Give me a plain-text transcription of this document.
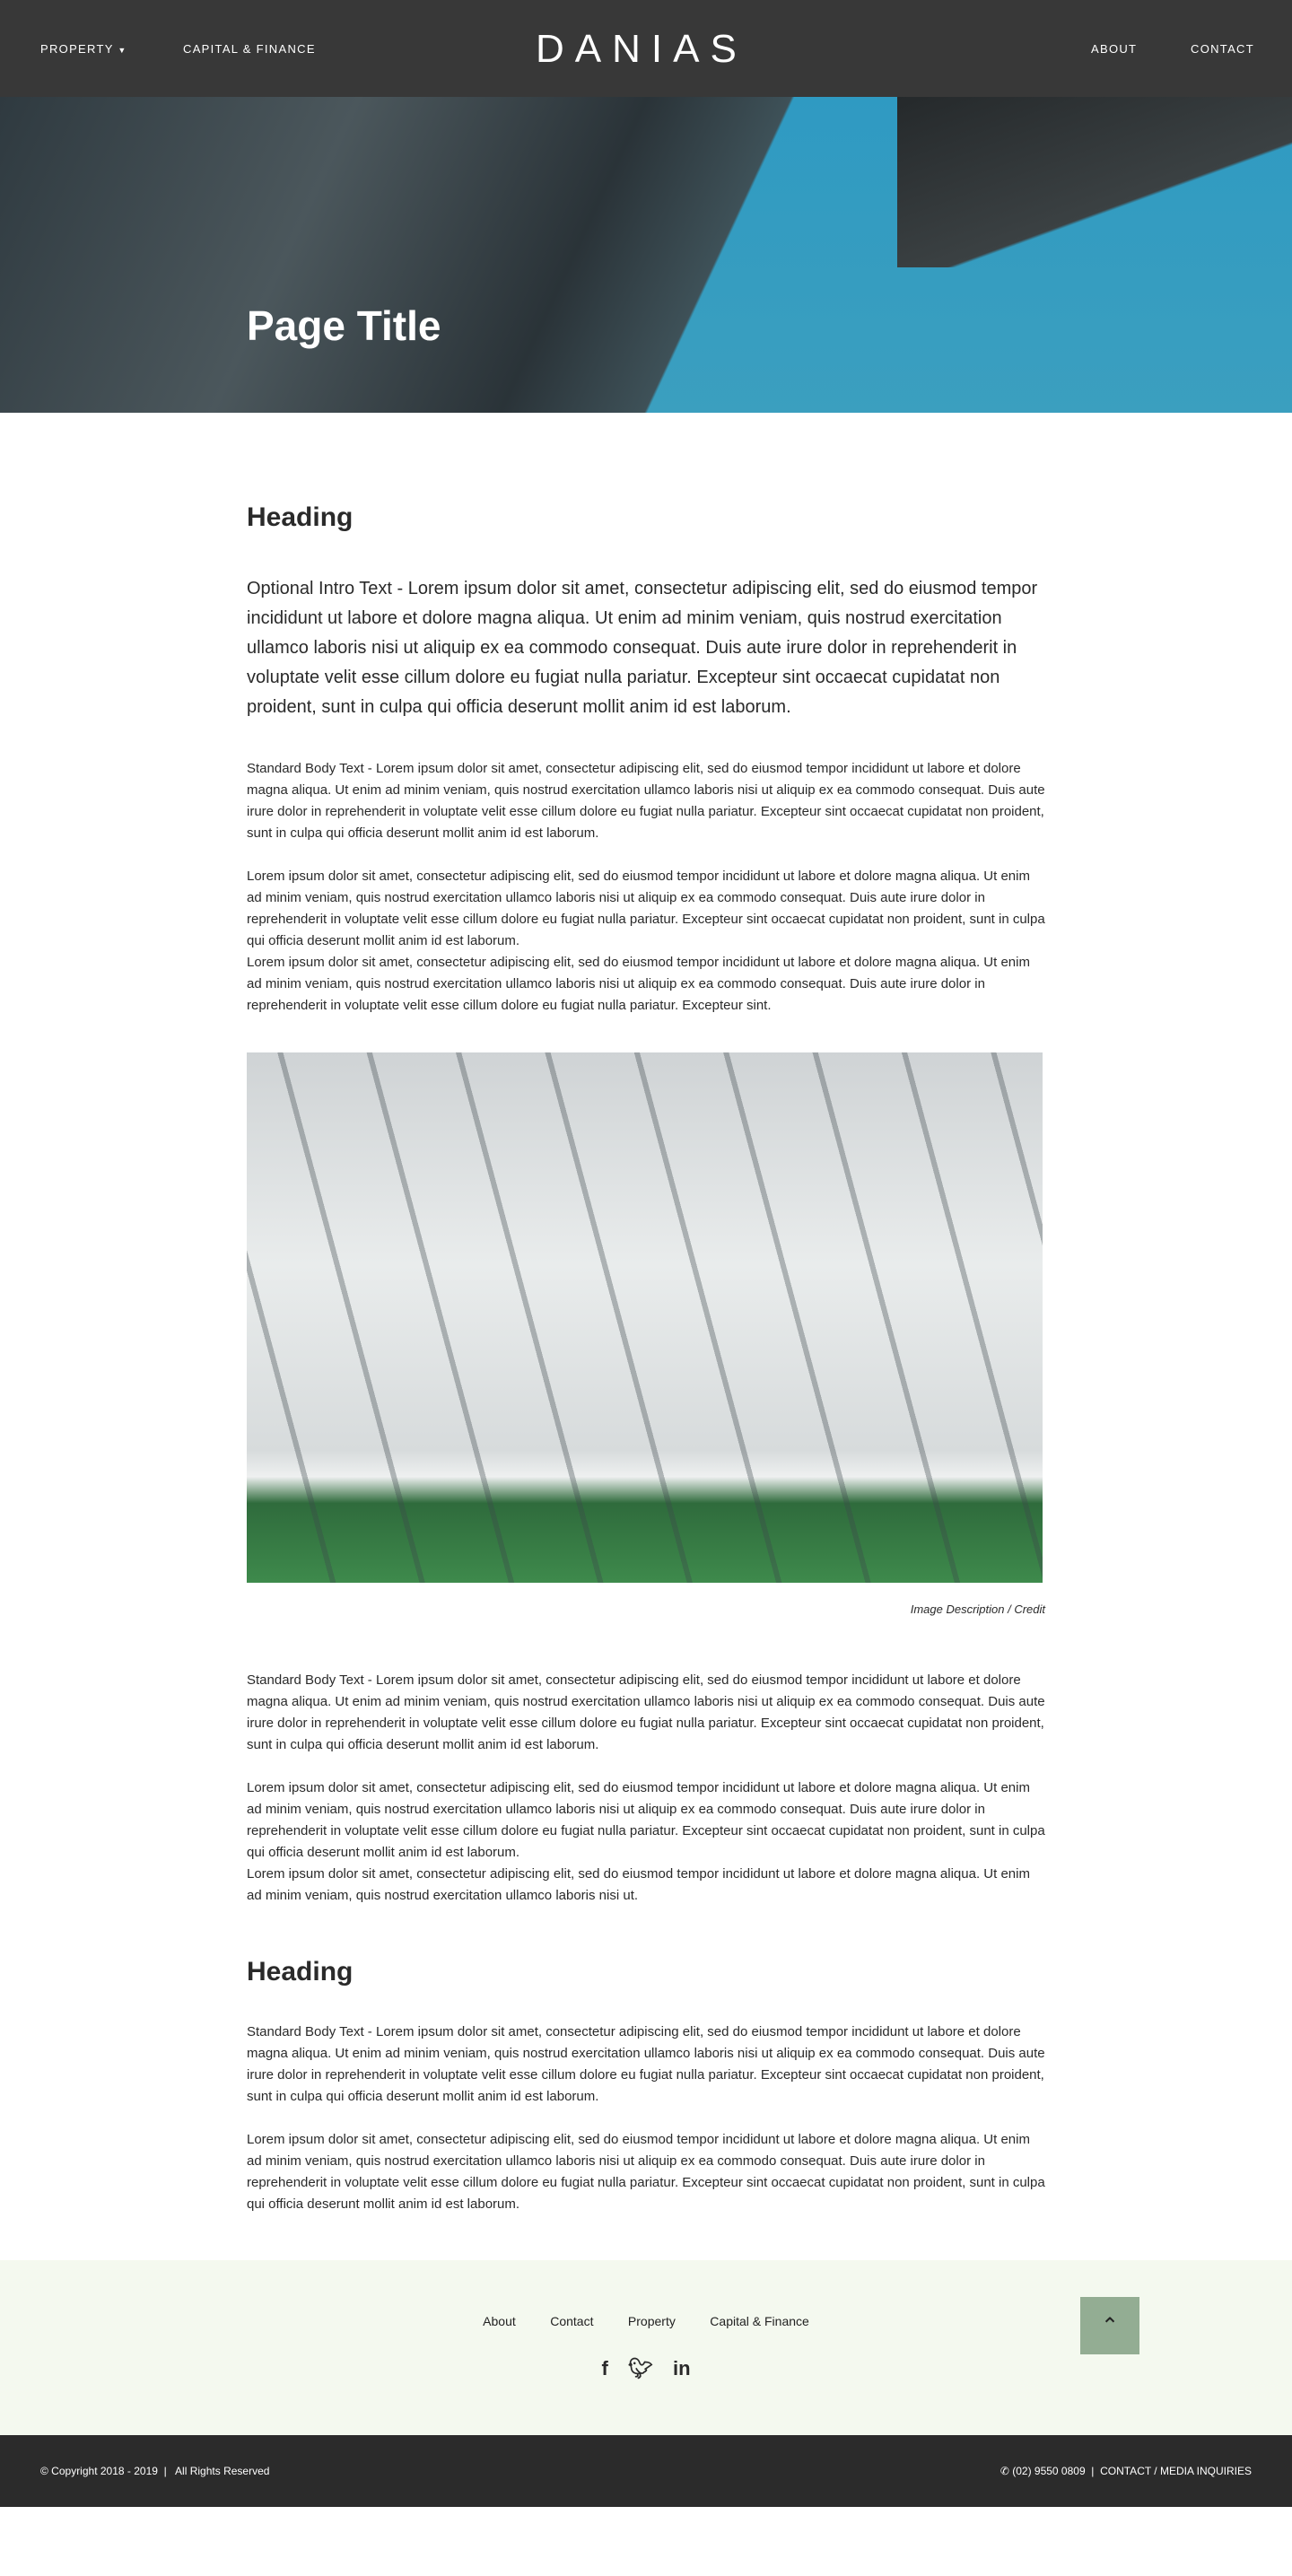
PROPERTY ▼	CAPITAL & FINANCE	DANIAS	ABOUT	CONTACT
Page Title
Heading

Optional Intro Text - Lorem ipsum dolor sit amet, consectetur adipiscing elit, sed do eiusmod tempor incididunt ut labore et dolore magna aliqua. Ut enim ad minim veniam, quis nostrud exercitation ullamco laboris nisi ut aliquip ex ea commodo consequat. Duis aute irure dolor in reprehenderit in voluptate velit esse cillum dolore eu fugiat nulla pariatur. Excepteur sint occaecat cupidatat non proident, sunt in culpa qui officia deserunt mollit anim id est laborum.

Standard Body Text - Lorem ipsum dolor sit amet, consectetur adipiscing elit, sed do eiusmod tempor incididunt ut labore et dolore magna aliqua. Ut enim ad minim veniam, quis nostrud exercitation ullamco laboris nisi ut aliquip ex ea commodo consequat. Duis aute irure dolor in reprehenderit in voluptate velit esse cillum dolore eu fugiat nulla pariatur. Excepteur sint occaecat cupidatat non proident, sunt in culpa qui officia deserunt mollit anim id est laborum.

Lorem ipsum dolor sit amet, consectetur adipiscing elit, sed do eiusmod tempor incididunt ut labore et dolore magna aliqua. Ut enim ad minim veniam, quis nostrud exercitation ullamco laboris nisi ut aliquip ex ea commodo consequat. Duis aute irure dolor in reprehenderit in voluptate velit esse cillum dolore eu fugiat nulla pariatur. Excepteur sint occaecat cupidatat non proident, sunt in culpa qui officia deserunt mollit anim id est laborum.

Lorem ipsum dolor sit amet, consectetur adipiscing elit, sed do eiusmod tempor incididunt ut labore et dolore magna aliqua. Ut enim ad minim veniam, quis nostrud exercitation ullamco laboris nisi ut aliquip ex ea commodo consequat. Duis aute irure dolor in reprehenderit in voluptate velit esse cillum dolore eu fugiat nulla pariatur. Excepteur sint.

Image Description / Credit

Standard Body Text - Lorem ipsum dolor sit amet, consectetur adipiscing elit, sed do eiusmod tempor incididunt ut labore et dolore magna aliqua. Ut enim ad minim veniam, quis nostrud exercitation ullamco laboris nisi ut aliquip ex ea commodo consequat. Duis aute irure dolor in reprehenderit in voluptate velit esse cillum dolore eu fugiat nulla pariatur. Excepteur sint occaecat cupidatat non proident, sunt in culpa qui officia deserunt mollit anim id est laborum.

Lorem ipsum dolor sit amet, consectetur adipiscing elit, sed do eiusmod tempor incididunt ut labore et dolore magna aliqua. Ut enim ad minim veniam, quis nostrud exercitation ullamco laboris nisi ut aliquip ex ea commodo consequat. Duis aute irure dolor in reprehenderit in voluptate velit esse cillum dolore eu fugiat nulla pariatur. Excepteur sint occaecat cupidatat non proident, sunt in culpa qui officia deserunt mollit anim id est laborum.

Lorem ipsum dolor sit amet, consectetur adipiscing elit, sed do eiusmod tempor incididunt ut labore et dolore magna aliqua. Ut enim ad minim veniam, quis nostrud exercitation ullamco laboris nisi ut.

Heading

Standard Body Text - Lorem ipsum dolor sit amet, consectetur adipiscing elit, sed do eiusmod tempor incididunt ut labore et dolore magna aliqua. Ut enim ad minim veniam, quis nostrud exercitation ullamco laboris nisi ut aliquip ex ea commodo consequat. Duis aute irure dolor in reprehenderit in voluptate velit esse cillum dolore eu fugiat nulla pariatur. Excepteur sint occaecat cupidatat non proident, sunt in culpa qui officia deserunt mollit anim id est laborum.

Lorem ipsum dolor sit amet, consectetur adipiscing elit, sed do eiusmod tempor incididunt ut labore et dolore magna aliqua. Ut enim ad minim veniam, quis nostrud exercitation ullamco laboris nisi ut aliquip ex ea commodo consequat. Duis aute irure dolor in reprehenderit in voluptate velit esse cillum dolore eu fugiat nulla pariatur. Excepteur sint occaecat cupidatat non proident, sunt in culpa qui officia deserunt mollit anim id est laborum.

⌃
About	Contact	Property	Capital & Finance
f 🐦︎ in
© Copyright 2018 - 2019  |   All Rights Reserved	✆ (02) 9550 0809  |  CONTACT / MEDIA INQUIRIES
